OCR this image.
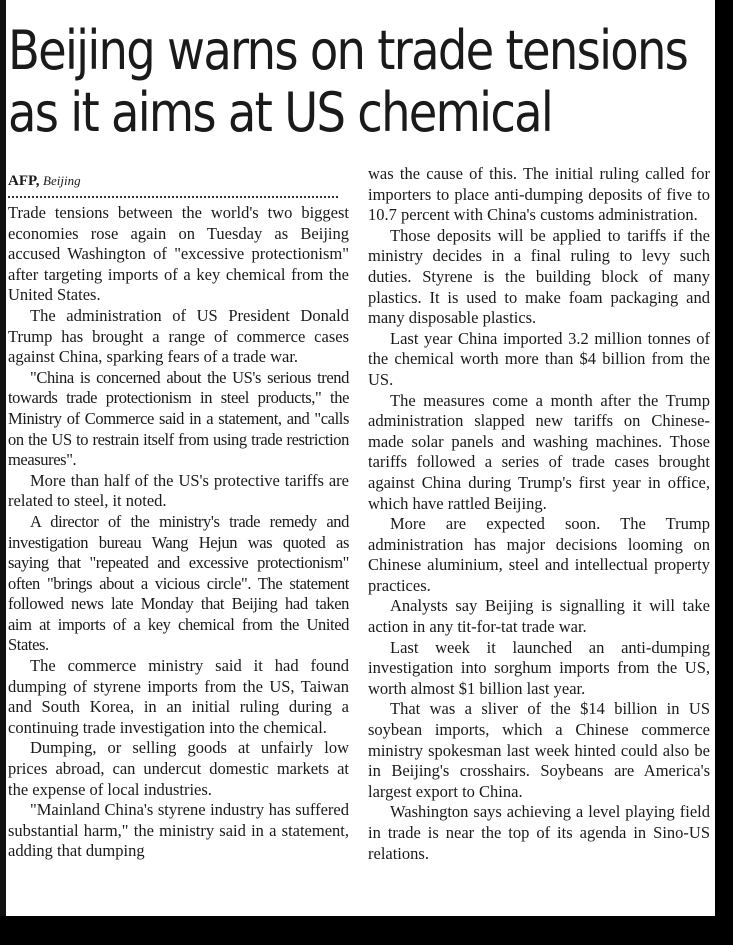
Beijing warns on trade tensions
as it aims at US chemical
AFP, Beijing

Trade tensions between the world's two biggest economies rose again on Tuesday as Beijing accused Washington of "excessive protectionism" after targeting imports of a key chemical from the United States.

The administration of US President Donald Trump has brought a range of commerce cases against China, sparking fears of a trade war.

"China is concerned about the US's serious trend towards trade protectionism in steel products," the Ministry of Commerce said in a statement, and "calls on the US to restrain itself from using trade restriction measures".

More than half of the US's protective tariffs are related to steel, it noted.

A director of the ministry's trade remedy and investigation bureau Wang Hejun was quoted as saying that "repeated and excessive protectionism" often "brings about a vicious circle". The statement followed news late Monday that Beijing had taken aim at imports of a key chemical from the United States.

The commerce ministry said it had found dumping of styrene imports from the US, Taiwan and South Korea, in an initial ruling during a continuing trade investigation into the chemical.

Dumping, or selling goods at unfairly low prices abroad, can undercut domestic markets at the expense of local industries.

"Mainland China's styrene industry has suffered substantial harm," the ministry said in a statement, adding that dumping

was the cause of this. The initial ruling called for importers to place anti-dumping deposits of five to 10.7 percent with China's customs administration.

Those deposits will be applied to tariffs if the ministry decides in a final ruling to levy such duties. Styrene is the building block of many plastics. It is used to make foam packaging and many disposable plastics.

Last year China imported 3.2 million tonnes of the chemical worth more than $4 billion from the US.

The measures come a month after the Trump administration slapped new tariffs on Chinese-made solar panels and washing machines. Those tariffs followed a series of trade cases brought against China during Trump's first year in office, which have rattled Beijing.

More are expected soon. The Trump administration has major decisions looming on Chinese aluminium, steel and intellectual property practices.

Analysts say Beijing is signalling it will take action in any tit-for-tat trade war.

Last week it launched an anti-dumping investigation into sorghum imports from the US, worth almost $1 billion last year.

That was a sliver of the $14 billion in US soybean imports, which a Chinese commerce ministry spokesman last week hinted could also be in Beijing's crosshairs. Soybeans are America's largest export to China.

Washington says achieving a level playing field in trade is near the top of its agenda in Sino-US relations.
